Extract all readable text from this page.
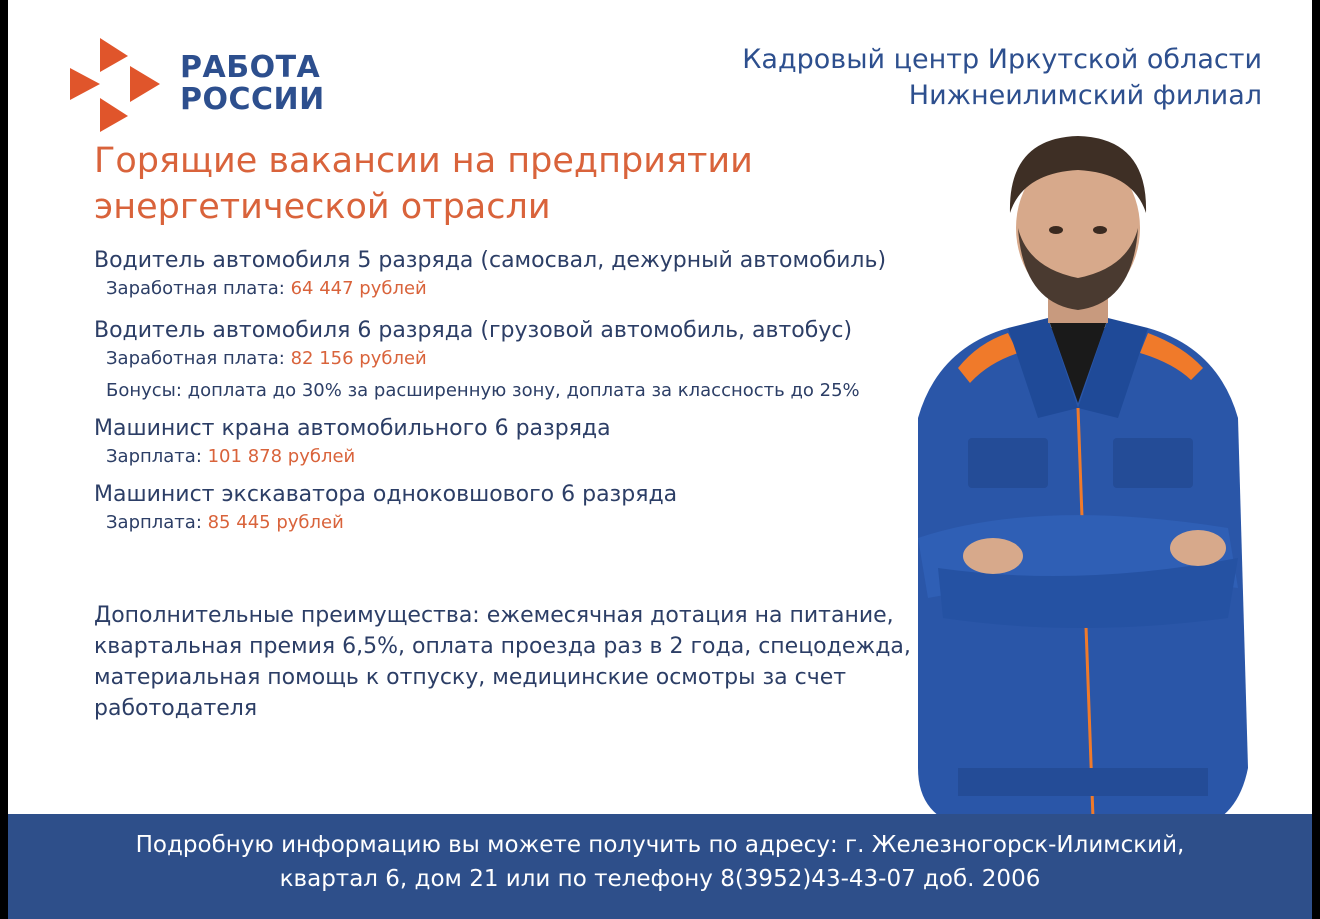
РАБОТА
РОССИИ
Кадровый центр Иркутской области
Нижнеилимский филиал
Горящие вакансии на предприятии энергетической отрасли
Водитель автомобиля 5 разряда (самосвал, дежурный автомобиль)
Заработная плата: 64 447 рублей
Водитель автомобиля 6 разряда (грузовой автомобиль, автобус)
Заработная плата: 82 156 рублей
Бонусы: доплата до 30% за расширенную зону, доплата за классность до 25%
Машинист крана автомобильного 6 разряда
Зарплата: 101 878 рублей
Машинист экскаватора одноковшового 6 разряда
Зарплата: 85 445 рублей
Дополнительные преимущества: ежемесячная дотация на питание, квартальная премия 6,5%, оплата проезда раз в 2 года, спецодежда, материальная помощь к отпуску, медицинские осмотры за счет работодателя
Подробную информацию вы можете получить по адресу: г. Железногорск-Илимский,
квартал 6, дом 21 или по телефону 8(3952)43-43-07 доб. 2006
